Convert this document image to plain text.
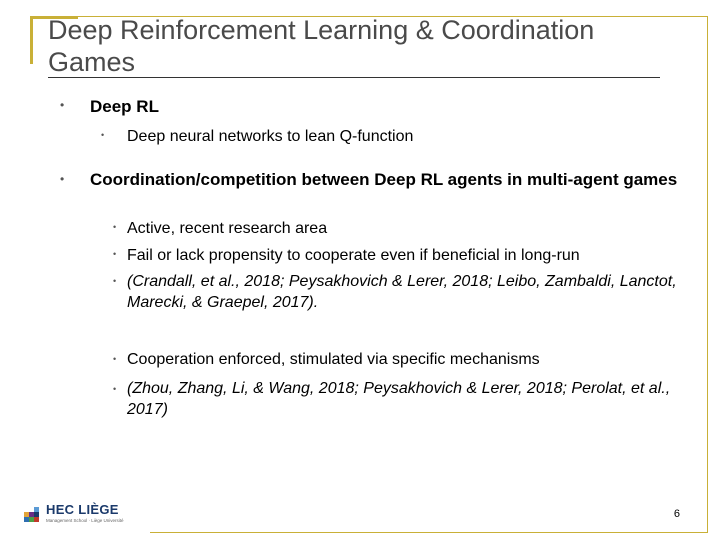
Deep Reinforcement Learning & Coordination Games
• Deep RL
• Deep neural networks to lean Q-function
• Coordination/competition between Deep RL agents in multi-agent games
• Active, recent research area
• Fail or lack propensity to cooperate even if beneficial in long-run
• (Crandall, et al., 2018; Peysakhovich & Lerer, 2018; Leibo, Zambaldi, Lanctot, Marecki, & Graepel, 2017).
• Cooperation enforced, stimulated via specific mechanisms
• (Zhou, Zhang, Li, & Wang, 2018; Peysakhovich & Lerer, 2018; Perolat, et al., 2017)
HEC LIÈGE
Management School · Liège Université
6
